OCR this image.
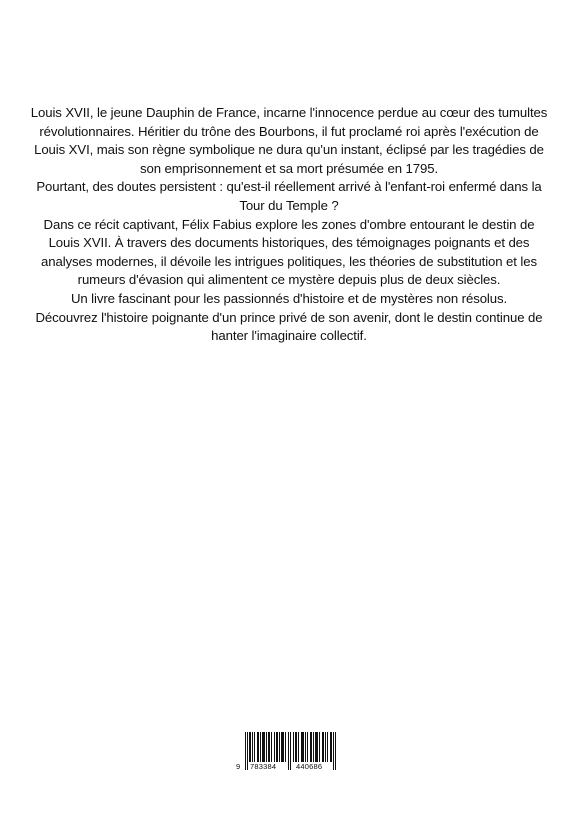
Louis XVII, le jeune Dauphin de France, incarne l'innocence perdue au cœur des tumultes révolutionnaires. Héritier du trône des Bourbons, il fut proclamé roi après l'exécution de Louis XVI, mais son règne symbolique ne dura qu'un instant, éclipsé par les tragédies de son emprisonnement et sa mort présumée en 1795.

Pourtant, des doutes persistent : qu'est-il réellement arrivé à l'enfant-roi enfermé dans la Tour du Temple ?

Dans ce récit captivant, Félix Fabius explore les zones d'ombre entourant le destin de Louis XVII. À travers des documents historiques, des témoignages poignants et des analyses modernes, il dévoile les intrigues politiques, les théories de substitution et les rumeurs d'évasion qui alimentent ce mystère depuis plus de deux siècles.

Un livre fascinant pour les passionnés d'histoire et de mystères non résolus.

Découvrez l'histoire poignante d'un prince privé de son avenir, dont le destin continue de hanter l'imaginaire collectif.

9 783384	440686
